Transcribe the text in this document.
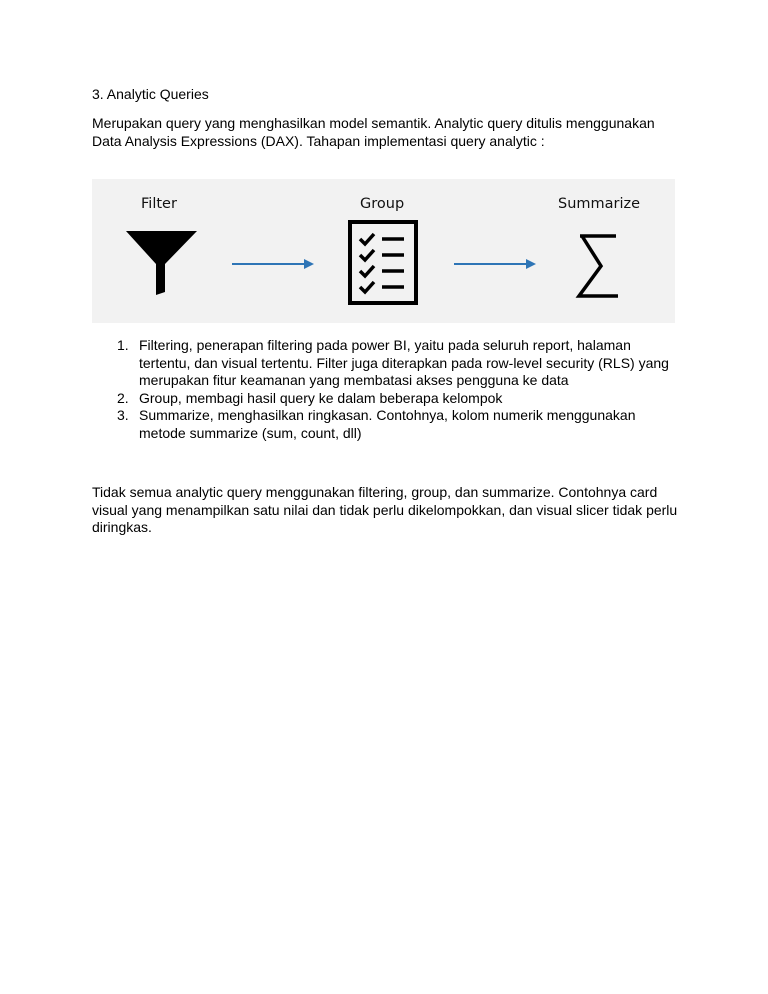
3. Analytic Queries
Merupakan query yang menghasilkan model semantik. Analytic query ditulis menggunakan Data Analysis Expressions (DAX). Tahapan implementasi query analytic :
Filter	Group	Summarize
1. Filtering, penerapan filtering pada power BI, yaitu pada seluruh report, halaman tertentu, dan visual tertentu. Filter juga diterapkan pada row-level security (RLS) yang merupakan fitur keamanan yang membatasi akses pengguna ke data
2. Group, membagi hasil query ke dalam beberapa kelompok
3. Summarize, menghasilkan ringkasan. Contohnya, kolom numerik menggunakan metode summarize (sum, count, dll)
Tidak semua analytic query menggunakan filtering, group, dan summarize. Contohnya card visual yang menampilkan satu nilai dan tidak perlu dikelompokkan, dan visual slicer tidak perlu diringkas.
